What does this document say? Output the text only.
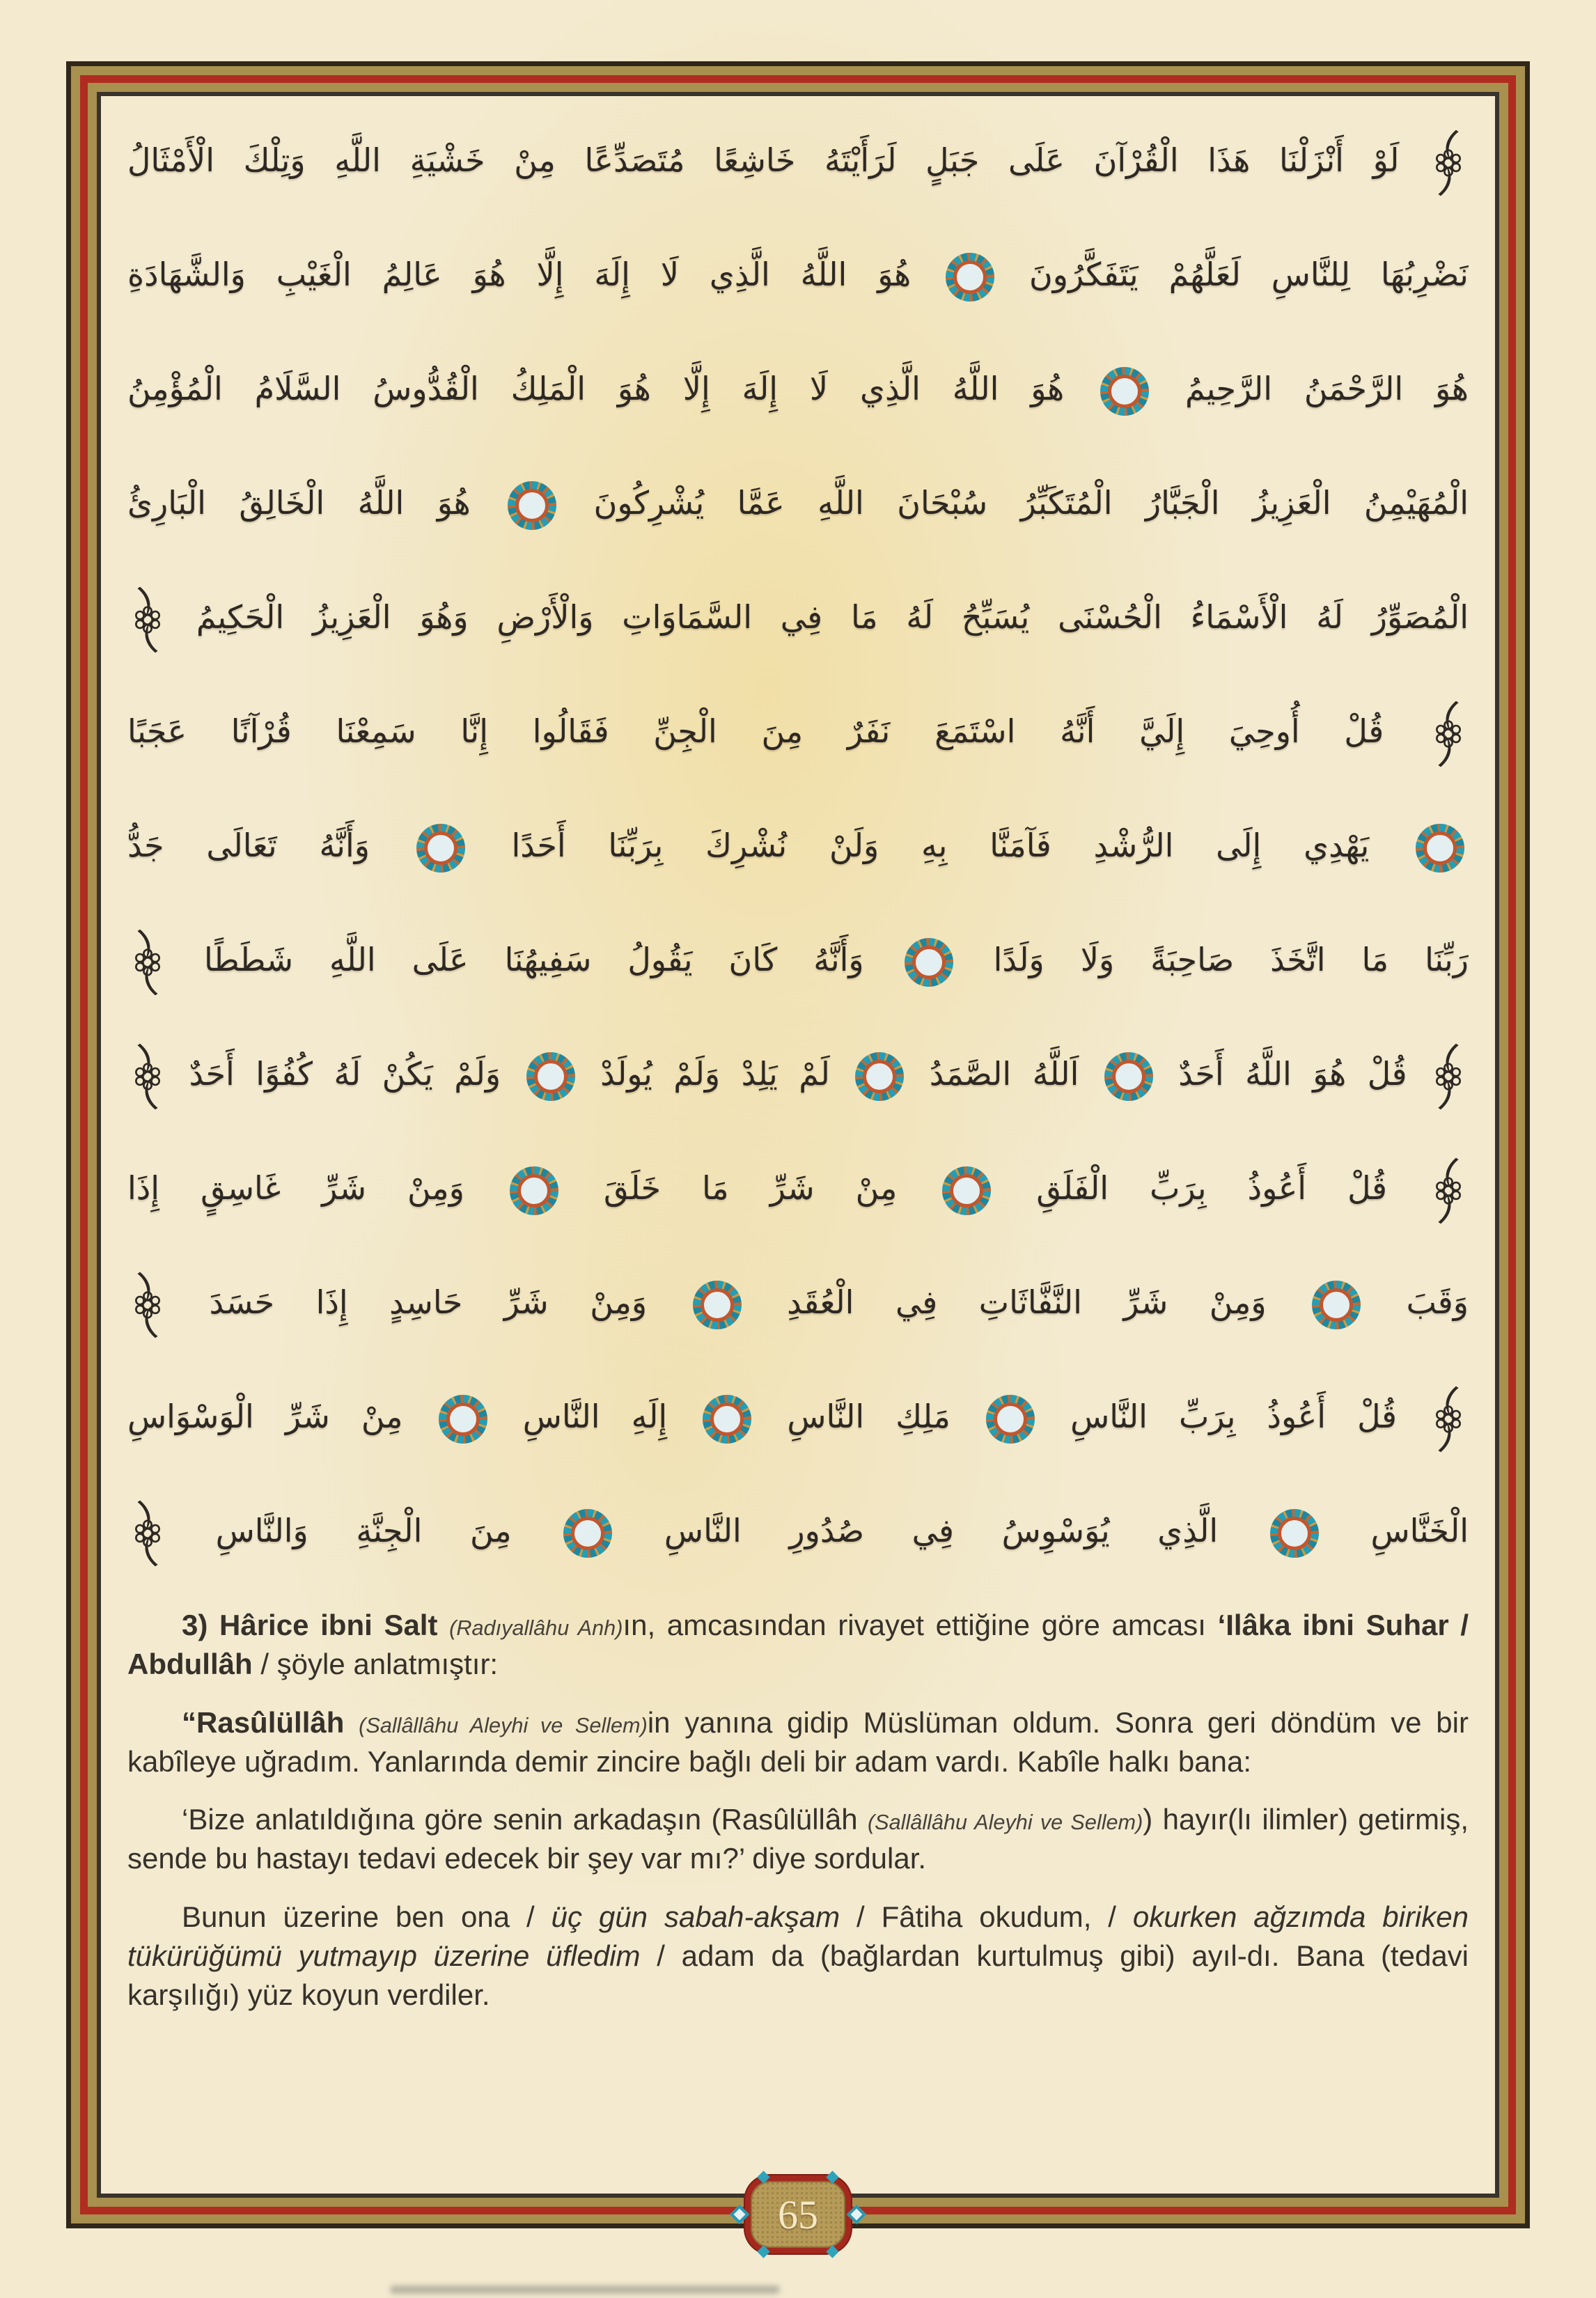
لَوْ أَنْزَلْنَا هَذَا الْقُرْآنَ عَلَى جَبَلٍ لَرَأَيْتَهُ خَاشِعًا مُتَصَدِّعًا مِنْ خَشْيَةِ اللَّهِ وَتِلْكَ الْأَمْثَالُ
نَضْرِبُهَا لِلنَّاسِ لَعَلَّهُمْ يَتَفَكَّرُونَ  هُوَ اللَّهُ الَّذِي لَا إِلَهَ إِلَّا هُوَ عَالِمُ الْغَيْبِ وَالشَّهَادَةِ
هُوَ الرَّحْمَنُ الرَّحِيمُ  هُوَ اللَّهُ الَّذِي لَا إِلَهَ إِلَّا هُوَ الْمَلِكُ الْقُدُّوسُ السَّلَامُ الْمُؤْمِنُ
الْمُهَيْمِنُ الْعَزِيزُ الْجَبَّارُ الْمُتَكَبِّرُ سُبْحَانَ اللَّهِ عَمَّا يُشْرِكُونَ  هُوَ اللَّهُ الْخَالِقُ الْبَارِئُ
الْمُصَوِّرُ لَهُ الْأَسْمَاءُ الْحُسْنَى يُسَبِّحُ لَهُ مَا فِي السَّمَاوَاتِ وَالْأَرْضِ وَهُوَ الْعَزِيزُ الْحَكِيمُ
قُلْ أُوحِيَ إِلَيَّ أَنَّهُ اسْتَمَعَ نَفَرٌ مِنَ الْجِنِّ فَقَالُوا إِنَّا سَمِعْنَا قُرْآنًا عَجَبًا
يَهْدِي إِلَى الرُّشْدِ فَآمَنَّا بِهِ وَلَنْ نُشْرِكَ بِرَبِّنَا أَحَدًا  وَأَنَّهُ تَعَالَى جَدُّ
رَبِّنَا مَا اتَّخَذَ صَاحِبَةً وَلَا وَلَدًا  وَأَنَّهُ كَانَ يَقُولُ سَفِيهُنَا عَلَى اللَّهِ شَطَطًا
قُلْ هُوَ اللَّهُ أَحَدٌ  اَللَّهُ الصَّمَدُ  لَمْ يَلِدْ وَلَمْ يُولَدْ  وَلَمْ يَكُنْ لَهُ كُفُوًا أَحَدٌ
قُلْ أَعُوذُ بِرَبِّ الْفَلَقِ  مِنْ شَرِّ مَا خَلَقَ  وَمِنْ شَرِّ غَاسِقٍ إِذَا
وَقَبَ  وَمِنْ شَرِّ النَّفَّاثَاتِ فِي الْعُقَدِ  وَمِنْ شَرِّ حَاسِدٍ إِذَا حَسَدَ
قُلْ أَعُوذُ بِرَبِّ النَّاسِ  مَلِكِ النَّاسِ  إِلَهِ النَّاسِ  مِنْ شَرِّ الْوَسْوَاسِ
الْخَنَّاسِ  الَّذِي يُوَسْوِسُ فِي صُدُورِ النَّاسِ  مِنَ الْجِنَّةِ وَالنَّاسِ

3) Hârice ibni Salt (Radıyallâhu Anh)ın, amcasından rivayet ettiğine göre amcası ‘Ilâka ibni Suhar / Abdullâh / şöyle anlatmıştır:

“Rasûlüllâh (Sallâllâhu Aleyhi ve Sellem)in yanına gidip Müslüman oldum. Sonra geri döndüm ve bir kabîleye uğradım. Yanlarında demir zincire bağlı deli bir adam vardı. Kabîle halkı bana:

‘Bize anlatıldığına göre senin arkadaşın (Rasûlüllâh (Sallâllâhu Aleyhi ve Sellem)) hayır(lı ilimler) getirmiş, sende bu hastayı tedavi edecek bir şey var mı?’ diye sordular.

Bunun üzerine ben ona / üç gün sabah-akşam / Fâtiha okudum, / okurken ağzımda biriken tükürüğümü yutmayıp üzerine üfledim / adam da (bağlardan kurtulmuş gibi) ayıl-dı. Bana (tedavi karşılığı) yüz koyun verdiler.

65
